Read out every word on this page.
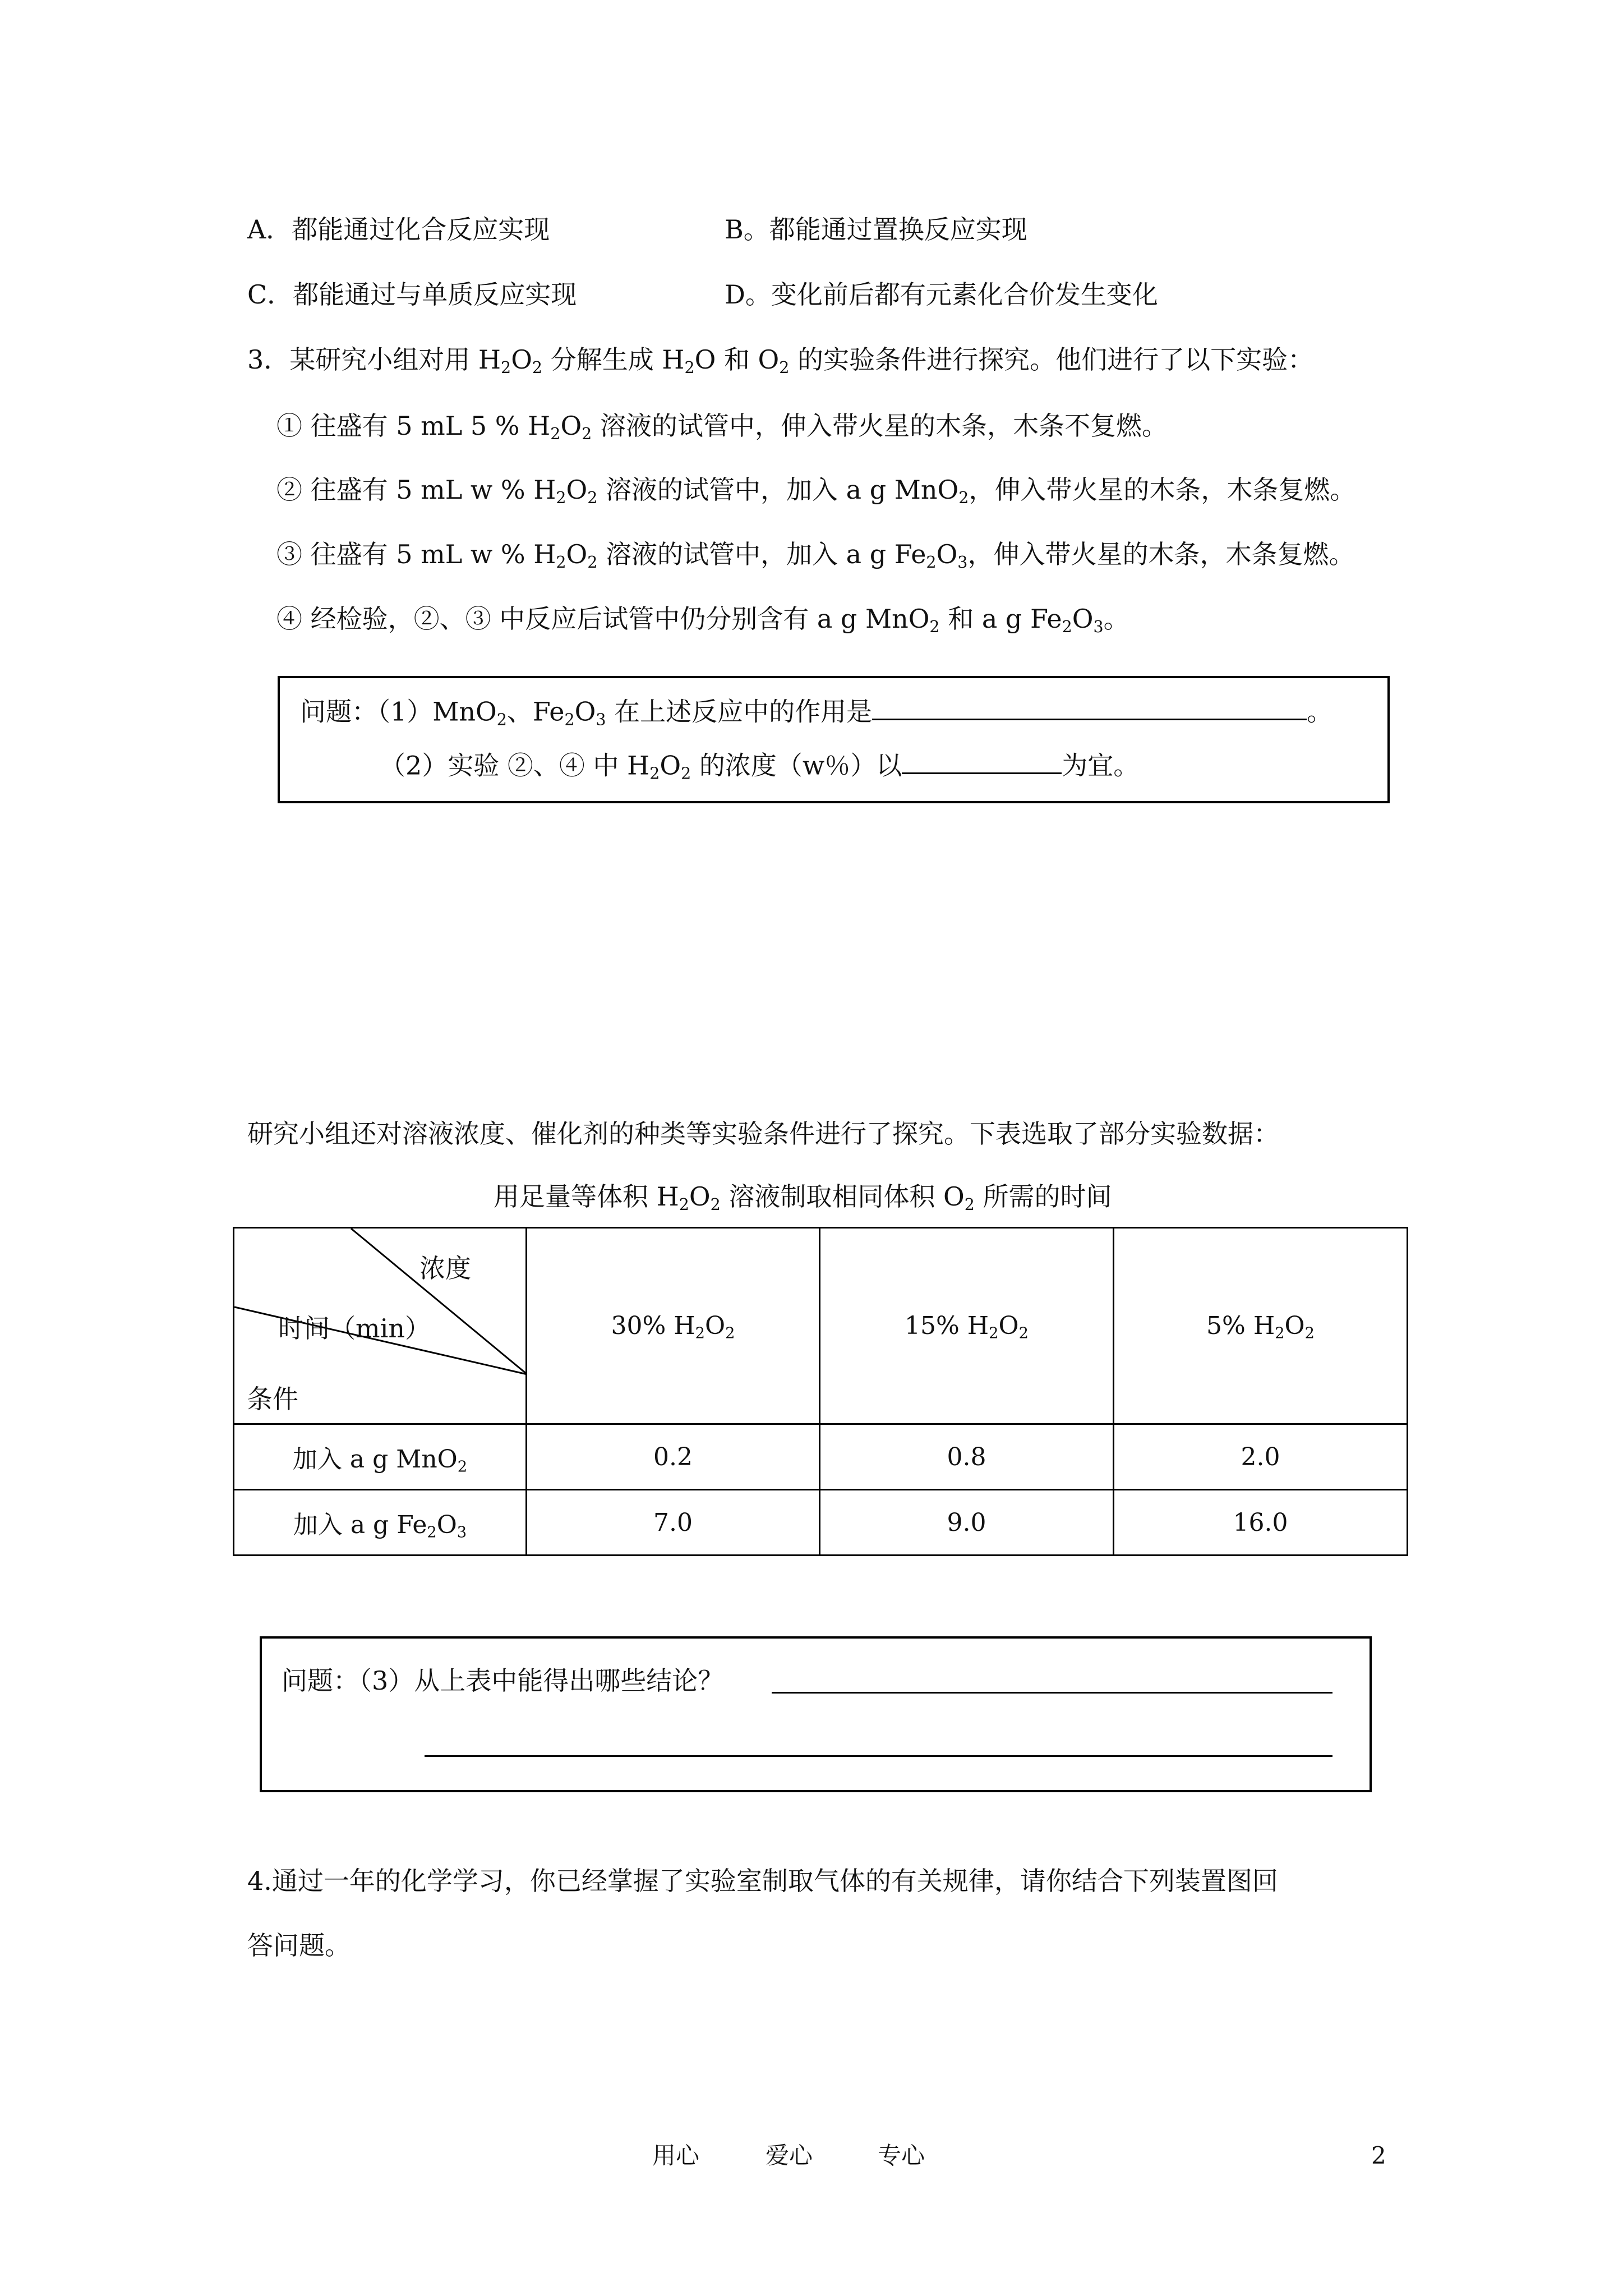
A．都能通过化合反应实现	B。都能通过置换反应实现
C．都能通过与单质反应实现	D。变化前后都有元素化合价发生变化
3．某研究小组对用 $H_2O_2$ 分解生成 $H_2O$ 和 $O_2$ 的实验条件进行探究。他们进行了以下实验：
① 往盛有 5 mL 5 % $H_2O_2$ 溶液的试管中，伸入带火星的木条，木条不复燃。
② 往盛有 5 mL w % $H_2O_2$ 溶液的试管中，加入 a g MnO$_2$，伸入带火星的木条，木条复燃。
③ 往盛有 5 mL w % $H_2O_2$ 溶液的试管中，加入 a g $Fe_2O_3$，伸入带火星的木条，木条复燃。
④ 经检验，②、③ 中反应后试管中仍分别含有 a g MnO$_2$ 和 a g $Fe_2O_3$。
问题：（1）MnO$_2$、$Fe_2O_3$ 在上述反应中的作用是	。
（2）实验 ②、④ 中 $H_2O_2$ 的浓度（w％）以	为宜。
研究小组还对溶液浓度、催化剂的种类等实验条件进行了探究。下表选取了部分实验数据：
用足量等体积 $H_2O_2$ 溶液制取相同体积 $O_2$ 所需的时间
浓度
时间（min）
条件	30% $H_2O_2$	15% $H_2O_2$	5% $H_2O_2$
加入 a g MnO$_2$	0.2	0.8	2.0
加入 a g $Fe_2O_3$	7.0	9.0	16.0
问题：（3）从上表中能得出哪些结论？
4.通过一年的化学学习，你已经掌握了实验室制取气体的有关规律，请你结合下列装置图回
答问题。
用心	爱心	专心	2
